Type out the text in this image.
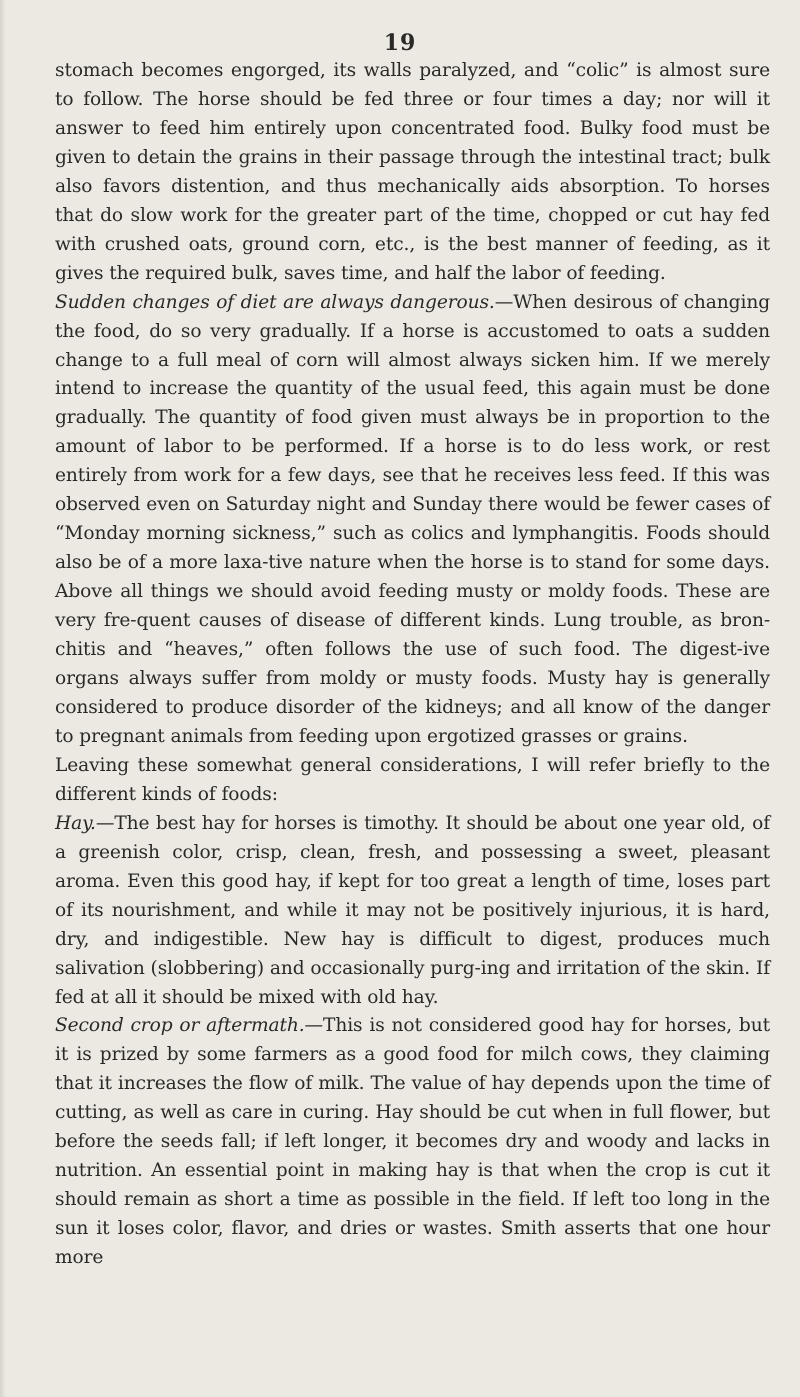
19

stomach becomes engorged, its walls paralyzed, and “colic” is almost sure to follow. The horse should be fed three or four times a day; nor will it answer to feed him entirely upon concentrated food. Bulky food must be given to detain the grains in their passage through the intestinal tract; bulk also favors distention, and thus mechanically aids absorption. To horses that do slow work for the greater part of the time, chopped or cut hay fed with crushed oats, ground corn, etc., is the best manner of feeding, as it gives the required bulk, saves time, and half the labor of feeding.

Sudden changes of diet are always dangerous.—When desirous of changing the food, do so very gradually. If a horse is accustomed to oats a sudden change to a full meal of corn will almost always sicken him. If we merely intend to increase the quantity of the usual feed, this again must be done gradually. The quantity of food given must always be in proportion to the amount of labor to be performed. If a horse is to do less work, or rest entirely from work for a few days, see that he receives less feed. If this was observed even on Saturday night and Sunday there would be fewer cases of “Monday morning sickness,” such as colics and lymphangitis. Foods should also be of a more laxa-tive nature when the horse is to stand for some days. Above all things we should avoid feeding musty or moldy foods. These are very fre-quent causes of disease of different kinds. Lung trouble, as bron-chitis and “heaves,” often follows the use of such food. The digest-ive organs always suffer from moldy or musty foods. Musty hay is generally considered to produce disorder of the kidneys; and all know of the danger to pregnant animals from feeding upon ergotized grasses or grains.

Leaving these somewhat general considerations, I will refer briefly to the different kinds of foods:

Hay.—The best hay for horses is timothy. It should be about one year old, of a greenish color, crisp, clean, fresh, and possessing a sweet, pleasant aroma. Even this good hay, if kept for too great a length of time, loses part of its nourishment, and while it may not be positively injurious, it is hard, dry, and indigestible. New hay is difficult to digest, produces much salivation (slobbering) and occasionally purg-ing and irritation of the skin. If fed at all it should be mixed with old hay.

Second crop or aftermath.—This is not considered good hay for horses, but it is prized by some farmers as a good food for milch cows, they claiming that it increases the flow of milk. The value of hay depends upon the time of cutting, as well as care in curing. Hay should be cut when in full flower, but before the seeds fall; if left longer, it becomes dry and woody and lacks in nutrition. An essential point in making hay is that when the crop is cut it should remain as short a time as possible in the field. If left too long in the sun it loses color, flavor, and dries or wastes. Smith asserts that one hour more
